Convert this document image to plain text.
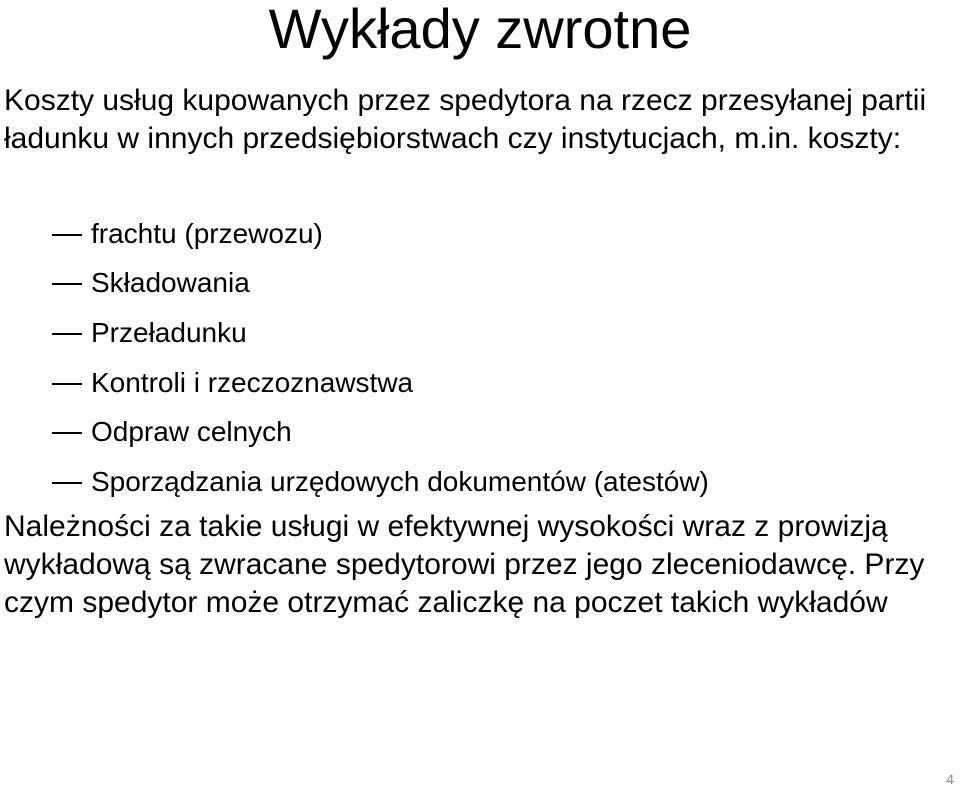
Wykłady zwrotne

Koszty usług kupowanych przez spedytora na rzecz przesyłanej partii ładunku w innych przedsiębiorstwach czy instytucjach, m.in. koszty:

frachtu (przewozu)
Składowania
Przeładunku
Kontroli i rzeczoznawstwa
Odpraw celnych
Sporządzania urzędowych dokumentów (atestów)

Należności za takie usługi w efektywnej wysokości wraz z prowizją wykładową są zwracane spedytorowi przez jego zleceniodawcę. Przy czym spedytor może otrzymać zaliczkę na poczet takich wykładów

4
